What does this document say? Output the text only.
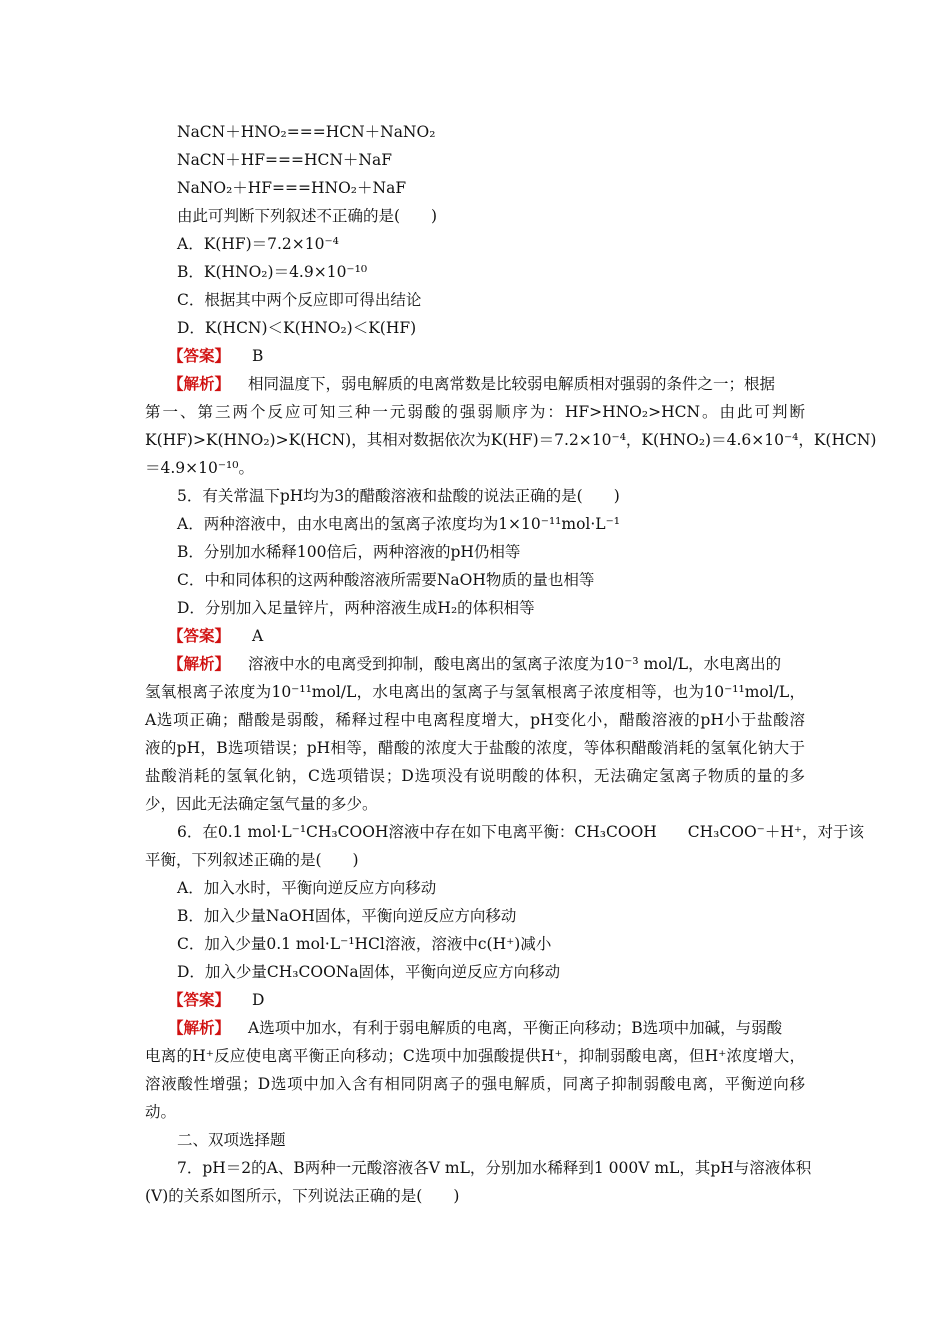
NaCN＋HNO₂===HCN＋NaNO₂
NaCN＋HF===HCN＋NaF
NaNO₂＋HF===HNO₂＋NaF
由此可判断下列叙述不正确的是(　　)
A．K(HF)＝7.2×10⁻⁴
B．K(HNO₂)＝4.9×10⁻¹⁰
C．根据其中两个反应即可得出结论
D．K(HCN)＜K(HNO₂)＜K(HF)
【答案】 B
【解析】 相同温度下，弱电解质的电离常数是比较弱电解质相对强弱的条件之一；根据
第一、第三两个反应可知三种一元弱酸的强弱顺序为：HF>HNO₂>HCN。由此可判断
K(HF)>K(HNO₂)>K(HCN)，其相对数据依次为K(HF)＝7.2×10⁻⁴，K(HNO₂)＝4.6×10⁻⁴，K(HCN)
＝4.9×10⁻¹⁰。
5．有关常温下pH均为3的醋酸溶液和盐酸的说法正确的是(　　)
A．两种溶液中，由水电离出的氢离子浓度均为1×10⁻¹¹mol·L⁻¹
B．分别加水稀释100倍后，两种溶液的pH仍相等
C．中和同体积的这两种酸溶液所需要NaOH物质的量也相等
D．分别加入足量锌片，两种溶液生成H₂的体积相等
【答案】 A
【解析】 溶液中水的电离受到抑制，酸电离出的氢离子浓度为10⁻³ mol/L，水电离出的
氢氧根离子浓度为10⁻¹¹mol/L，水电离出的氢离子与氢氧根离子浓度相等，也为10⁻¹¹mol/L，
A选项正确；醋酸是弱酸，稀释过程中电离程度增大，pH变化小，醋酸溶液的pH小于盐酸溶
液的pH，B选项错误；pH相等，醋酸的浓度大于盐酸的浓度，等体积醋酸消耗的氢氧化钠大于
盐酸消耗的氢氧化钠，C选项错误；D选项没有说明酸的体积，无法确定氢离子物质的量的多
少，因此无法确定氢气量的多少。
6．在0.1 mol·L⁻¹CH₃COOH溶液中存在如下电离平衡：CH₃COOH　　CH₃COO⁻＋H⁺，对于该
平衡，下列叙述正确的是(　　)
A．加入水时，平衡向逆反应方向移动
B．加入少量NaOH固体，平衡向逆反应方向移动
C．加入少量0.1 mol·L⁻¹HCl溶液，溶液中c(H⁺)减小
D．加入少量CH₃COONa固体，平衡向逆反应方向移动
【答案】 D
【解析】 A选项中加水，有利于弱电解质的电离，平衡正向移动；B选项中加碱，与弱酸
电离的H⁺反应使电离平衡正向移动；C选项中加强酸提供H⁺，抑制弱酸电离，但H⁺浓度增大，
溶液酸性增强；D选项中加入含有相同阴离子的强电解质，同离子抑制弱酸电离，平衡逆向移
动。
二、双项选择题
7．pH＝2的A、B两种一元酸溶液各V mL，分别加水稀释到1 000V mL，其pH与溶液体积
(V)的关系如图所示，下列说法正确的是(　　)
